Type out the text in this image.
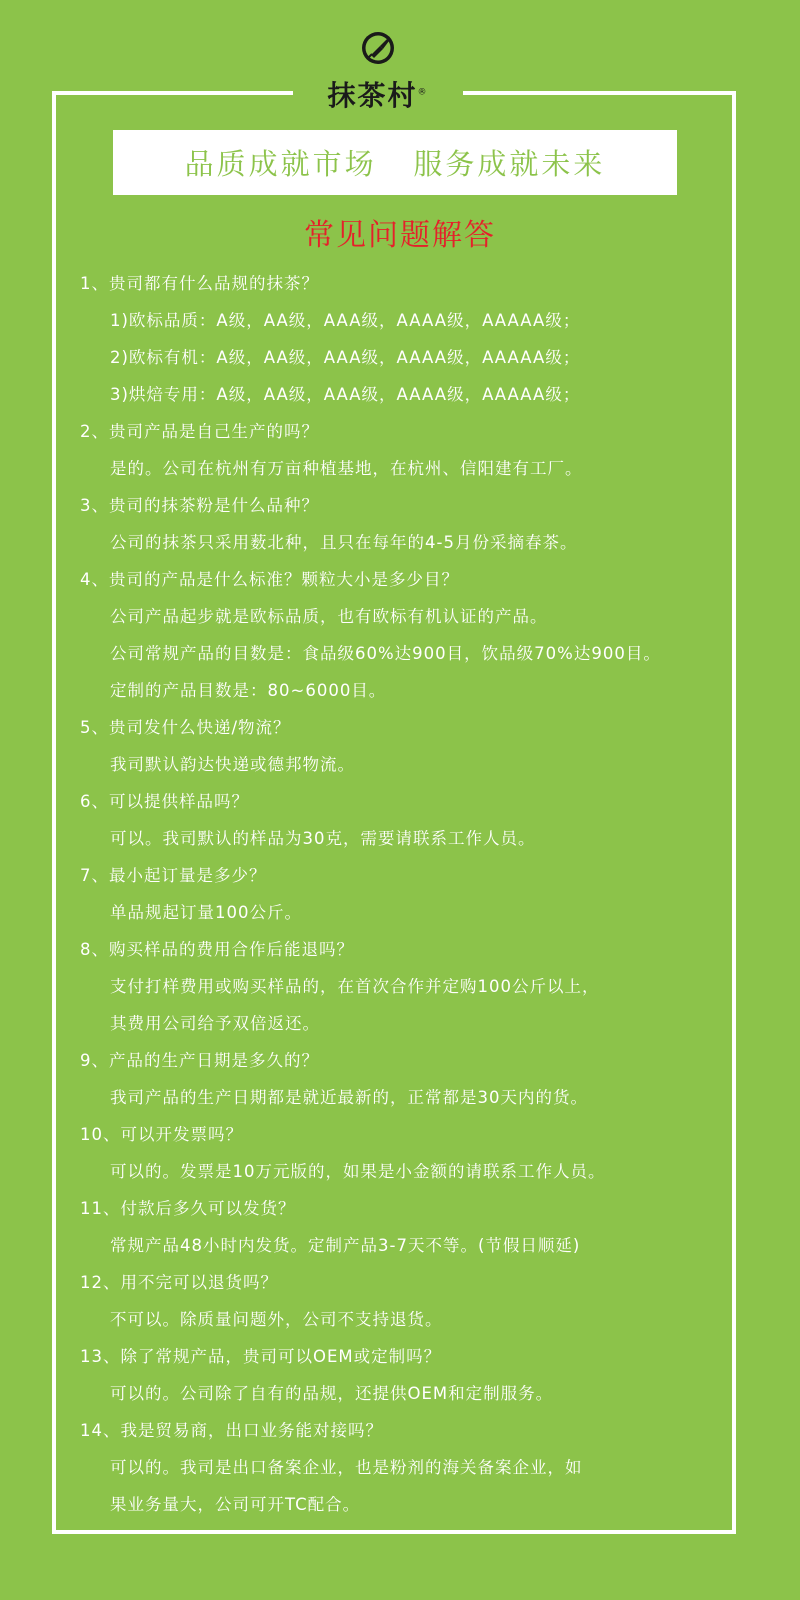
抹茶村®
品质成就市场   服务成就未来
常见问题解答
1、贵司都有什么品规的抹茶？
1)欧标品质：A级，AA级，AAA级，AAAA级，AAAAA级；
2)欧标有机：A级，AA级，AAA级，AAAA级，AAAAA级；
3)烘焙专用：A级，AA级，AAA级，AAAA级，AAAAA级；
2、贵司产品是自己生产的吗？
是的。公司在杭州有万亩种植基地，在杭州、信阳建有工厂。
3、贵司的抹茶粉是什么品种？
公司的抹茶只采用薮北种，且只在每年的4-5月份采摘春茶。
4、贵司的产品是什么标准？颗粒大小是多少目？
公司产品起步就是欧标品质，也有欧标有机认证的产品。
公司常规产品的目数是：食品级60%达900目，饮品级70%达900目。
定制的产品目数是：80~6000目。
5、贵司发什么快递/物流？
我司默认韵达快递或德邦物流。
6、可以提供样品吗？
可以。我司默认的样品为30克，需要请联系工作人员。
7、最小起订量是多少？
单品规起订量100公斤。
8、购买样品的费用合作后能退吗？
支付打样费用或购买样品的，在首次合作并定购100公斤以上，
其费用公司给予双倍返还。
9、产品的生产日期是多久的？
我司产品的生产日期都是就近最新的，正常都是30天内的货。
10、可以开发票吗？
可以的。发票是10万元版的，如果是小金额的请联系工作人员。
11、付款后多久可以发货？
常规产品48小时内发货。定制产品3-7天不等。(节假日顺延)
12、用不完可以退货吗？
不可以。除质量问题外，公司不支持退货。
13、除了常规产品，贵司可以OEM或定制吗？
可以的。公司除了自有的品规，还提供OEM和定制服务。
14、我是贸易商，出口业务能对接吗？
可以的。我司是出口备案企业，也是粉剂的海关备案企业，如
果业务量大，公司可开TC配合。
